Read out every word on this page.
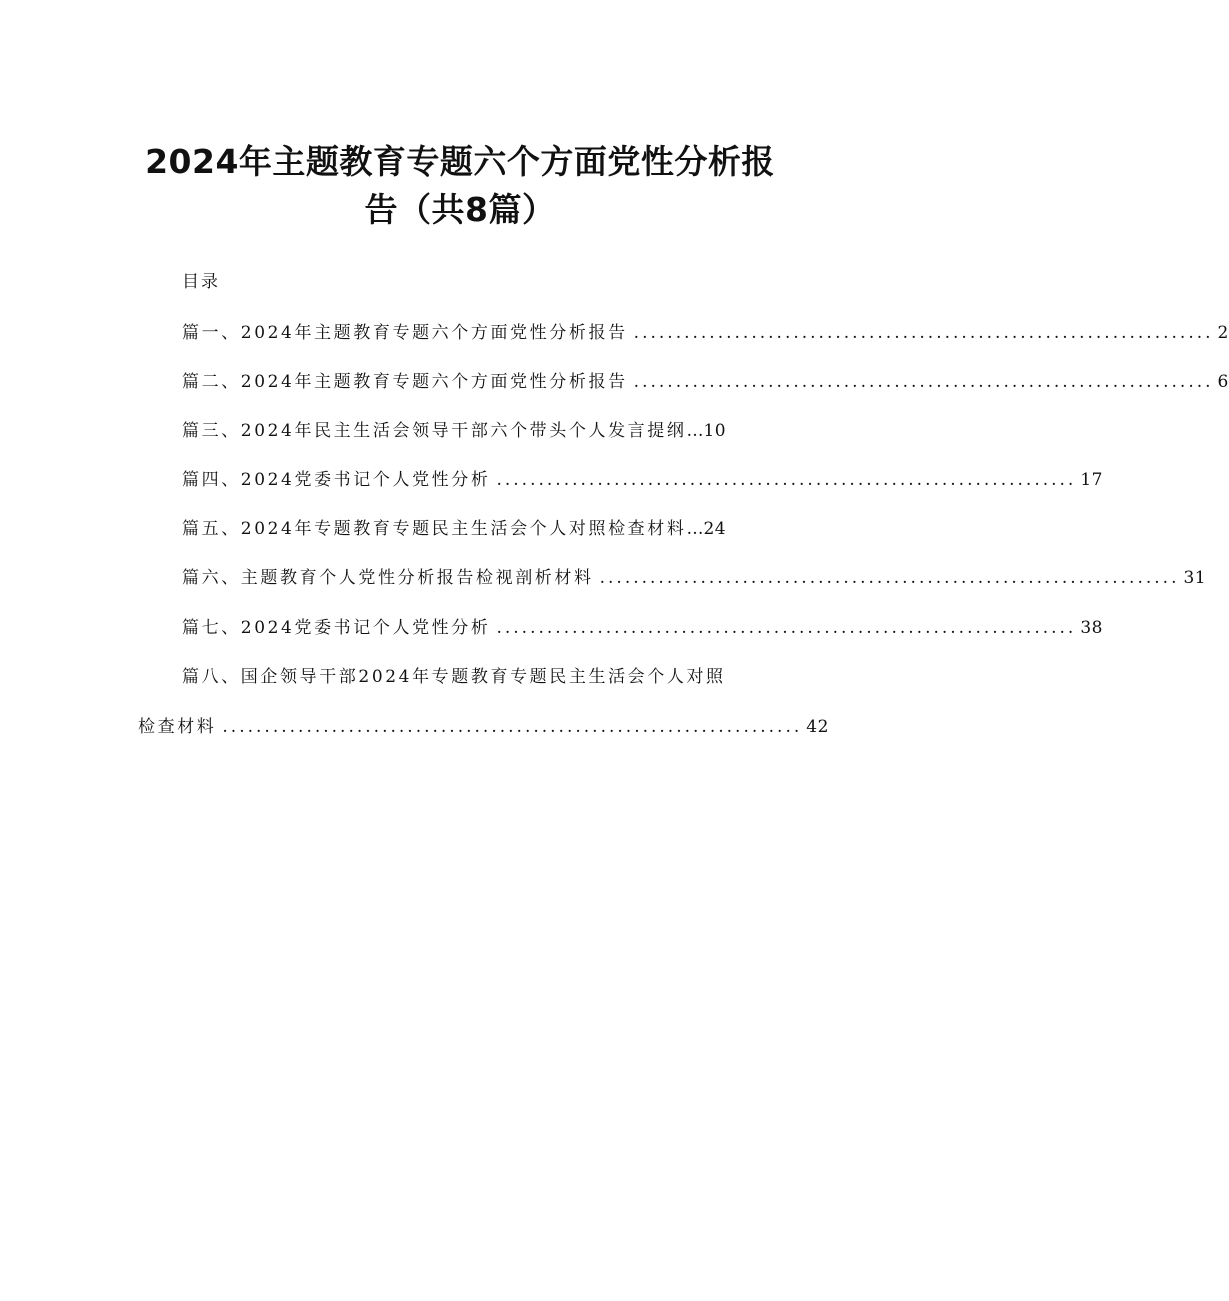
2024年主题教育专题六个方面党性分析报
告（共8篇）
目录
篇一、2024年主题教育专题六个方面党性分析报告 ..................................................................... 2
篇二、2024年主题教育专题六个方面党性分析报告 ..................................................................... 6
篇三、2024年民主生活会领导干部六个带头个人发言提纲 … 10
篇四、2024党委书记个人党性分析 ..................................................................... 17
篇五、2024年专题教育专题民主生活会个人对照检查材料 … 24
篇六、主题教育个人党性分析报告检视剖析材料 ..................................................................... 31
篇七、2024党委书记个人党性分析 ..................................................................... 38
篇八、国企领导干部2024年专题教育专题民主生活会个人对照
检查材料 ..................................................................... 42
